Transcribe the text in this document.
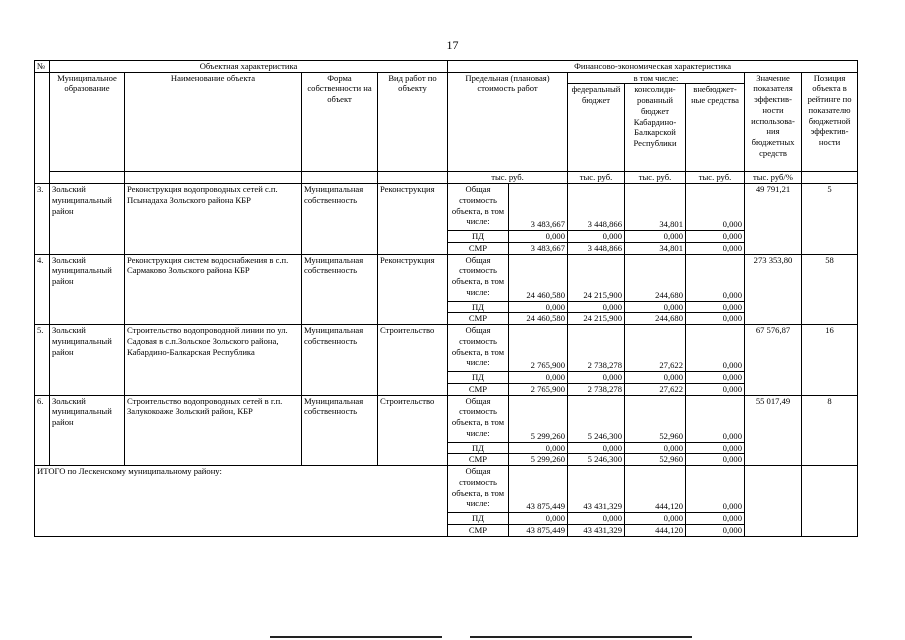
17
№	Объектная характеристика				Финансово-экономическая характеристика						
	Муниципальное образование	Наименование объекта	Форма собственности на объект	Вид работ по объекту	Предельная (плановая) стоимость работ		в том числе:			Значение показателя эффектив-ности использова-ния бюджетных средств	Позиция объекта в рейтинге по показателю бюджетной эффектив-ности
							федеральный бюджет	консолиди-рованный бюджет Кабардино-Балкарской Республики	внебюджет-ные средства		
					тыс. руб.		тыс. руб.	тыс. руб.	тыс. руб.	тыс. руб/%	
3.	Зольский муниципальный район	Реконструкция водопроводных сетей с.п. Псынадаха Зольского района КБР	Муниципальная собственность	Реконструкция	Общая стоимость объекта, в том числе:	3 483,667	3 448,866	34,801	0,000	49 791,21	5
					ПД	0,000	0,000	0,000	0,000		
					СМР	3 483,667	3 448,866	34,801	0,000		
4.	Зольский муниципальный район	Реконструкция систем водоснабжения в с.п. Сармаково Зольского района КБР	Муниципальная собственность	Реконструкция	Общая стоимость объекта, в том числе:	24 460,580	24 215,900	244,680	0,000	273 353,80	58
					ПД	0,000	0,000	0,000	0,000		
					СМР	24 460,580	24 215,900	244,680	0,000		
5.	Зольский муниципальный район	Строительство водопроводной линии по ул. Садовая в с.п.Зольское Зольского района, Кабардино-Балкарская Республика	Муниципальная собственность	Строительство	Общая стоимость объекта, в том числе:	2 765,900	2 738,278	27,622	0,000	67 576,87	16
					ПД	0,000	0,000	0,000	0,000		
					СМР	2 765,900	2 738,278	27,622	0,000		
6.	Зольский муниципальный район	Строительство водопроводных сетей в г.п. Залукокоаже Зольский район, КБР	Муниципальная собственность	Строительство	Общая стоимость объекта, в том числе:	5 299,260	5 246,300	52,960	0,000	55 017,49	8
					ПД	0,000	0,000	0,000	0,000		
					СМР	5 299,260	5 246,300	52,960	0,000		
ИТОГО по Лескенскому муниципальному району:					Общая стоимость объекта, в том числе:	43 875,449	43 431,329	444,120	0,000		
					ПД	0,000	0,000	0,000	0,000		
					СМР	43 875,449	43 431,329	444,120	0,000		
